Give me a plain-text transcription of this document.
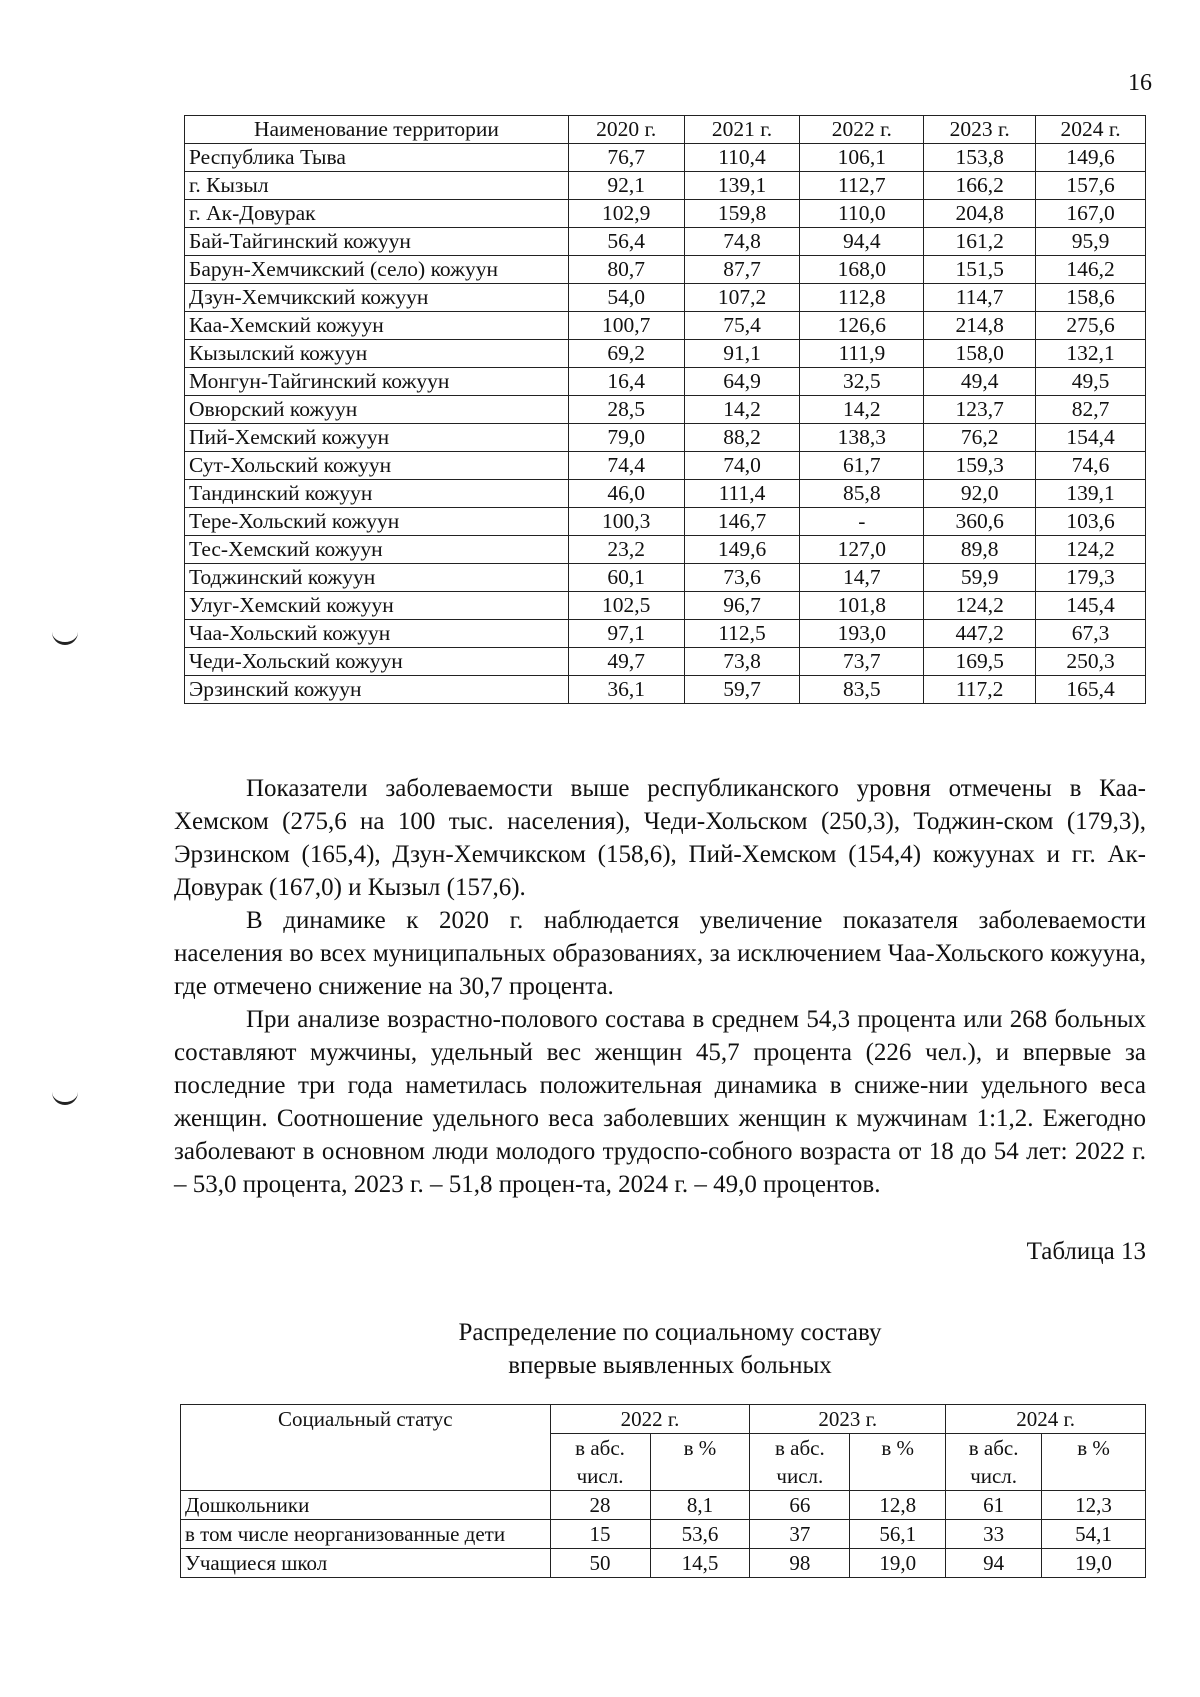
16
Наименование территории	2020 г.	2021 г.	2022 г.	2023 г.	2024 г.
Республика Тыва	76,7	110,4	106,1	153,8	149,6
г. Кызыл	92,1	139,1	112,7	166,2	157,6
г. Ак-Довурак	102,9	159,8	110,0	204,8	167,0
Бай-Тайгинский кожуун	56,4	74,8	94,4	161,2	95,9
Барун-Хемчикский (село) кожуун	80,7	87,7	168,0	151,5	146,2
Дзун-Хемчикский кожуун	54,0	107,2	112,8	114,7	158,6
Каа-Хемский кожуун	100,7	75,4	126,6	214,8	275,6
Кызылский кожуун	69,2	91,1	111,9	158,0	132,1
Монгун-Тайгинский кожуун	16,4	64,9	32,5	49,4	49,5
Овюрский кожуун	28,5	14,2	14,2	123,7	82,7
Пий-Хемский кожуун	79,0	88,2	138,3	76,2	154,4
Сут-Хольский кожуун	74,4	74,0	61,7	159,3	74,6
Тандинский кожуун	46,0	111,4	85,8	92,0	139,1
Тере-Хольский кожуун	100,3	146,7	-	360,6	103,6
Тес-Хемский кожуун	23,2	149,6	127,0	89,8	124,2
Тоджинский кожуун	60,1	73,6	14,7	59,9	179,3
Улуг-Хемский кожуун	102,5	96,7	101,8	124,2	145,4
Чаа-Хольский кожуун	97,1	112,5	193,0	447,2	67,3
Чеди-Хольский кожуун	49,7	73,8	73,7	169,5	250,3
Эрзинский кожуун	36,1	59,7	83,5	117,2	165,4

Показатели заболеваемости выше республиканского уровня отмечены в Каа-Хемском (275,6 на 100 тыс. населения), Чеди-Хольском (250,3), Тоджин-ском (179,3), Эрзинском (165,4), Дзун-Хемчикском (158,6), Пий-Хемском (154,4) кожуунах и гг. Ак-Довурак (167,0) и Кызыл (157,6).

В динамике к 2020 г. наблюдается увеличение показателя заболеваемости населения во всех муниципальных образованиях, за исключением Чаа-Хольского кожууна, где отмечено снижение на 30,7 процента.

При анализе возрастно-полового состава в среднем 54,3 процента или 268 больных составляют мужчины, удельный вес женщин 45,7 процента (226 чел.), и впервые за последние три года наметилась положительная динамика в сниже-нии удельного веса женщин. Соотношение удельного веса заболевших женщин к мужчинам 1:1,2. Ежегодно заболевают в основном люди молодого трудоспо-собного возраста от 18 до 54 лет: 2022 г. – 53,0 процента, 2023 г. – 51,8 процен-та, 2024 г. – 49,0 процентов.

Таблица 13
Распределение по социальному составу
впервые выявленных больных
Социальный статус	2022 г.		2023 г.		2024 г.	
	в абс.
числ.	в %	в абс.
числ.	в %	в абс.
числ.	в %
Дошкольники	28	8,1	66	12,8	61	12,3
в том числе неорганизованные дети	15	53,6	37	56,1	33	54,1
Учащиеся школ	50	14,5	98	19,0	94	19,0
